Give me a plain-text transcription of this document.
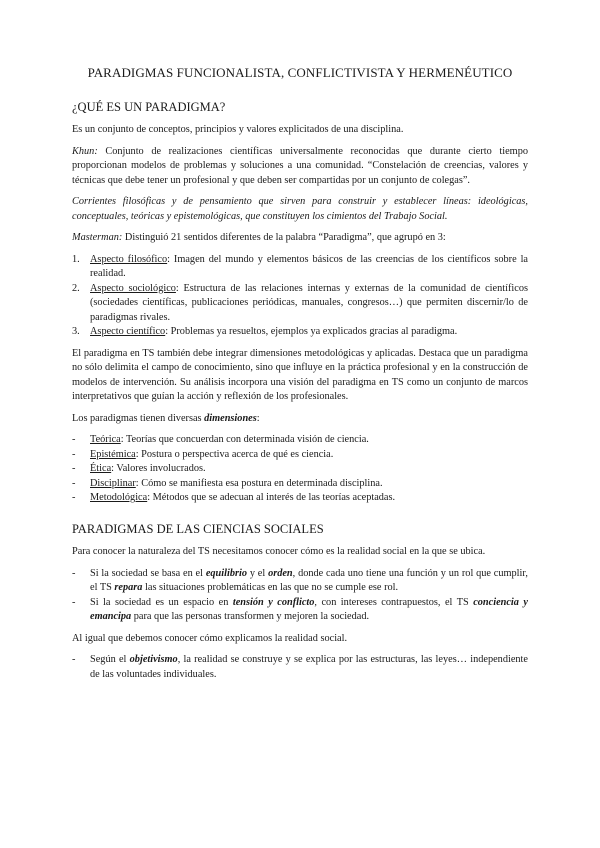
PARADIGMAS FUNCIONALISTA, CONFLICTIVISTA Y HERMENÉUTICO
¿QUÉ ES UN PARADIGMA?

Es un conjunto de conceptos, principios y valores explicitados de una disciplina.

Khun: Conjunto de realizaciones científicas universalmente reconocidas que durante cierto tiempo proporcionan modelos de problemas y soluciones a una comunidad. “Constelación de creencias, valores y técnicas que debe tener un profesional y que deben ser compartidas por un conjunto de colegas”.

Corrientes filosóficas y de pensamiento que sirven para construir y establecer líneas: ideológicas, conceptuales, teóricas y epistemológicas, que constituyen los cimientos del Trabajo Social.

Masterman: Distinguió 21 sentidos diferentes de la palabra “Paradigma”, que agrupó en 3:

1. Aspecto filosófico: Imagen del mundo y elementos básicos de las creencias de los científicos sobre la realidad.
2. Aspecto sociológico: Estructura de las relaciones internas y externas de la comunidad de científicos (sociedades científicas, publicaciones periódicas, manuales, congresos…) que permiten discernir/lo de paradigmas rivales.
3. Aspecto científico: Problemas ya resueltos, ejemplos ya explicados gracias al paradigma.

El paradigma en TS también debe integrar dimensiones metodológicas y aplicadas. Destaca que un paradigma no sólo delimita el campo de conocimiento, sino que influye en la práctica profesional y en la construcción de modelos de intervención. Su análisis incorpora una visión del paradigma en TS como un conjunto de marcos interpretativos que guían la acción y reflexión de los profesionales.

Los paradigmas tienen diversas dimensiones:

- Teórica: Teorías que concuerdan con determinada visión de ciencia.
- Epistémica: Postura o perspectiva acerca de qué es ciencia.
- Ética: Valores involucrados.
- Disciplinar: Cómo se manifiesta esa postura en determinada disciplina.
- Metodológica: Métodos que se adecuan al interés de las teorías aceptadas.
PARADIGMAS DE LAS CIENCIAS SOCIALES

Para conocer la naturaleza del TS necesitamos conocer cómo es la realidad social en la que se ubica.

- Si la sociedad se basa en el equilibrio y el orden, donde cada uno tiene una función y un rol que cumplir, el TS repara las situaciones problemáticas en las que no se cumple ese rol.
- Si la sociedad es un espacio en tensión y conflicto, con intereses contrapuestos, el TS concienciа y emancipa para que las personas transformen y mejoren la sociedad.

Al igual que debemos conocer cómo explicamos la realidad social.

- Según el objetivismo, la realidad se construye y se explica por las estructuras, las leyes… independiente de las voluntades individuales.
